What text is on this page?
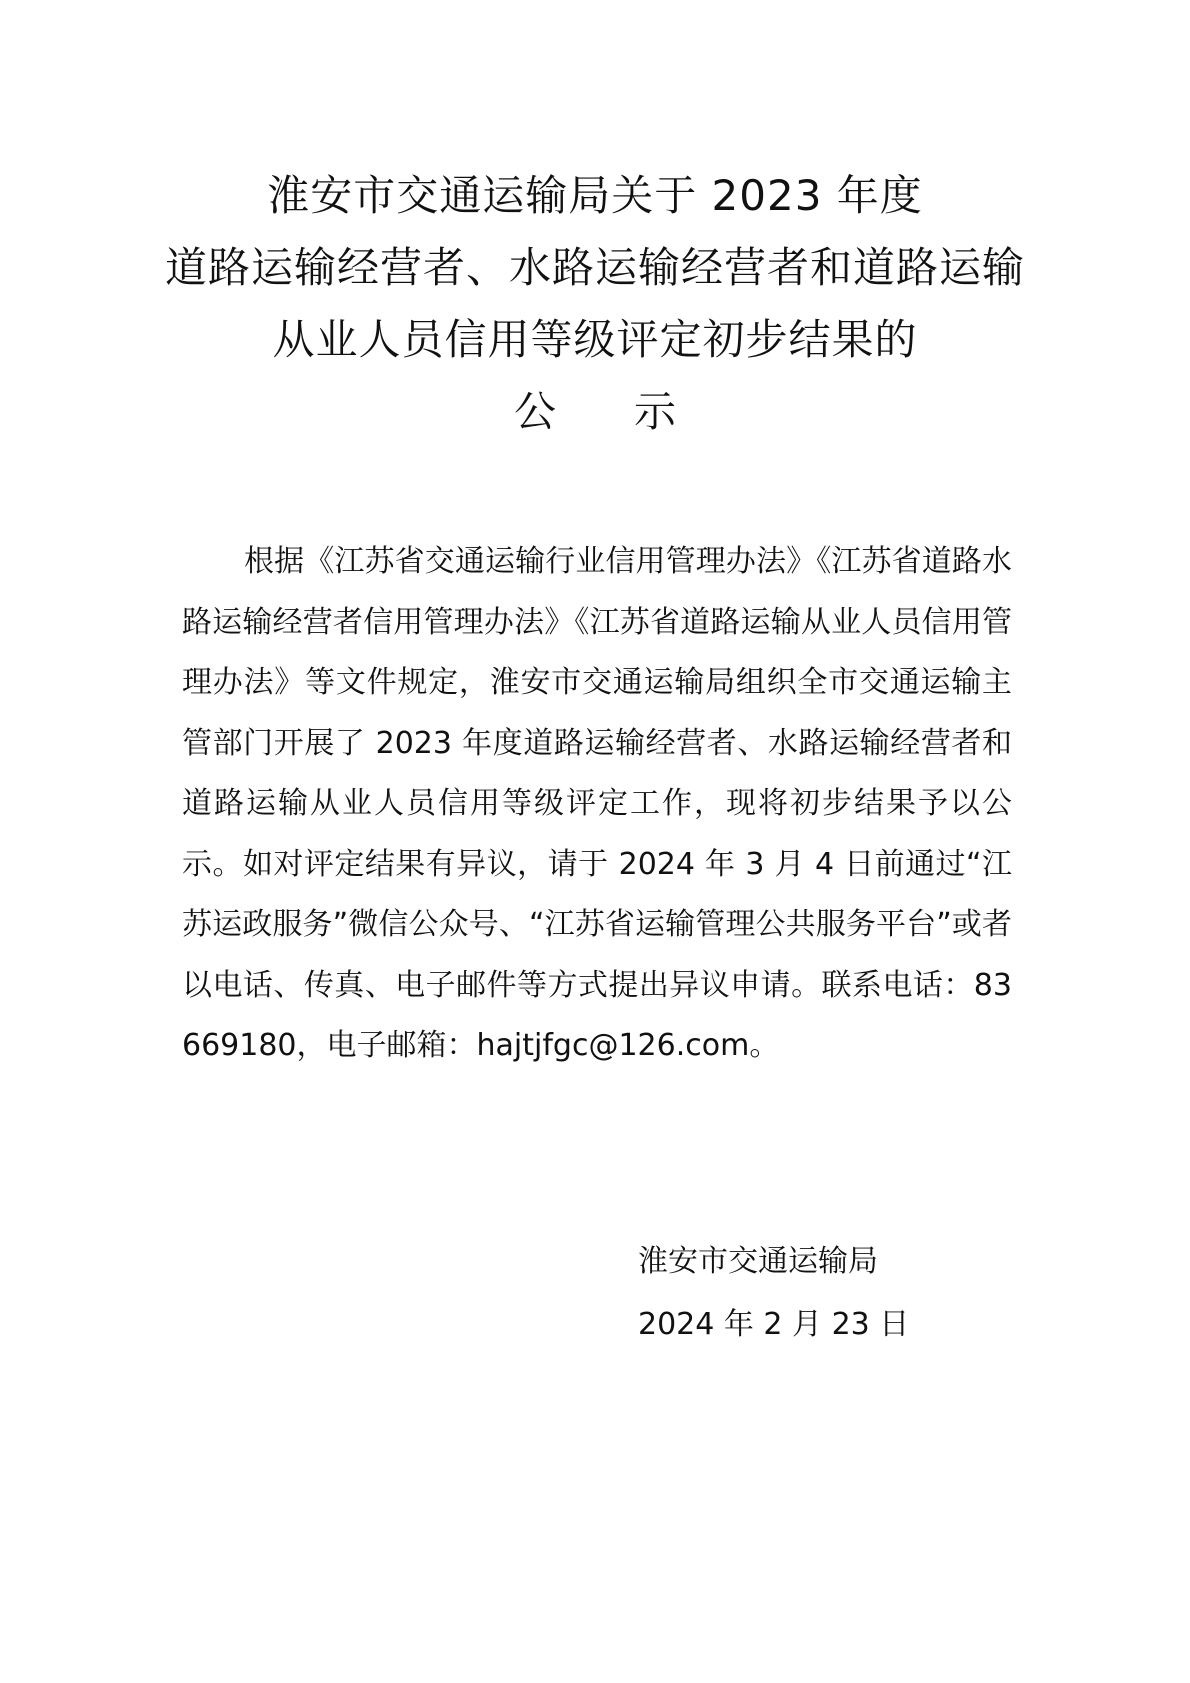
淮安市交通运输局关于 2023 年度
道路运输经营者、水路运输经营者和道路运输
从业人员信用等级评定初步结果的
公 示
根据《江苏省交通运输行业信用管理办法》《江苏省道路水路运输经营者信用管理办法》《江苏省道路运输从业人员信用管理办法》等文件规定，淮安市交通运输局组织全市交通运输主管部门开展了 2023 年度道路运输经营者、水路运输经营者和道路运输从业人员信用等级评定工作，现将初步结果予以公示。如对评定结果有异议，请于 2024 年 3 月 4 日前通过“江苏运政服务”微信公众号、“江苏省运输管理公共服务平台”或者以电话、传真、电子邮件等方式提出异议申请。联系电话：83669180，电子邮箱：hajtjfgc@126.com。
淮安市交通运输局
2024 年 2 月 23 日
